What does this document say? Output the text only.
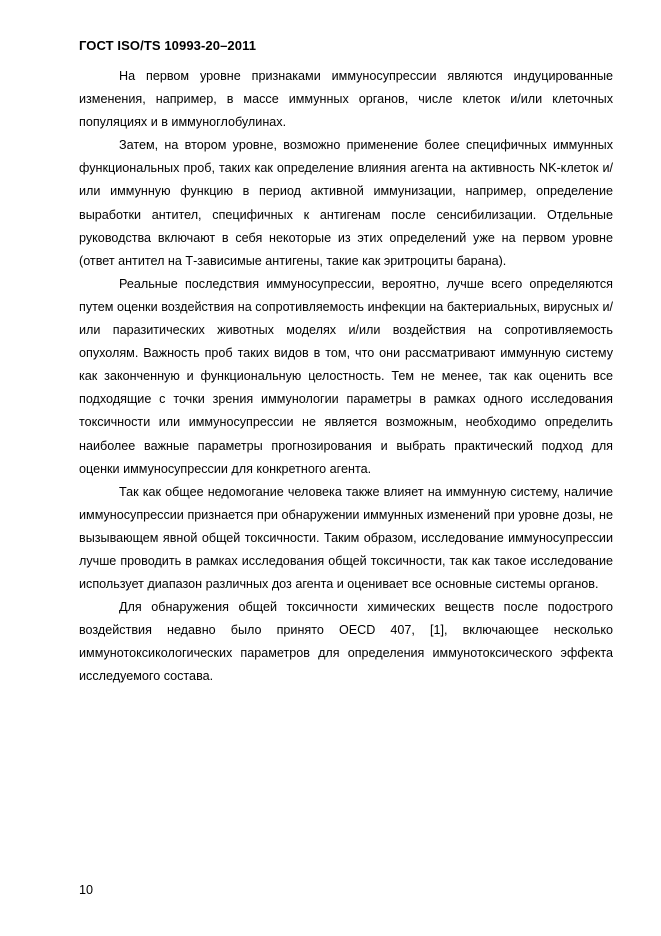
ГОСТ ISO/TS 10993-20–2011

На первом уровне признаками иммуносупрессии являются индуцированные изменения, например, в массе иммунных органов, числе клеток и/или клеточных популяциях и в иммуноглобулинах.

Затем, на втором уровне, возможно применение более специфичных иммунных функциональных проб, таких как определение влияния агента на активность NK-клеток и/или иммунную функцию в период активной иммунизации, например, определение выработки антител, специфичных к антигенам после сенсибилизации. Отдельные руководства включают в себя некоторые из этих определений уже на первом уровне (ответ антител на Т-зависимые антигены, такие как эритроциты барана).

Реальные последствия иммуносупрессии, вероятно, лучше всего определяются путем оценки воздействия на сопротивляемость инфекции на бактериальных, вирусных и/или паразитических животных моделях и/или воздействия на сопротивляемость опухолям. Важность проб таких видов в том, что они рассматривают иммунную систему как законченную и функциональную целостность. Тем не менее, так как оценить все подходящие с точки зрения иммунологии параметры в рамках одного исследования токсичности или иммуносупрессии не является возможным, необходимо определить наиболее важные параметры прогнозирования и выбрать практический подход для оценки иммуносупрессии для конкретного агента.

Так как общее недомогание человека также влияет на иммунную систему, наличие иммуносупрессии признается при обнаружении иммунных изменений при уровне дозы, не вызывающем явной общей токсичности. Таким образом, исследование иммуносупрессии лучше проводить в рамках исследования общей токсичности, так как такое исследование использует диапазон различных доз агента и оценивает все основные системы органов.

Для обнаружения общей токсичности химических веществ после подострого воздействия недавно было принято OECD 407, [1], включающее несколько иммунотоксикологических параметров для определения иммунотоксического эффекта исследуемого состава.

10
